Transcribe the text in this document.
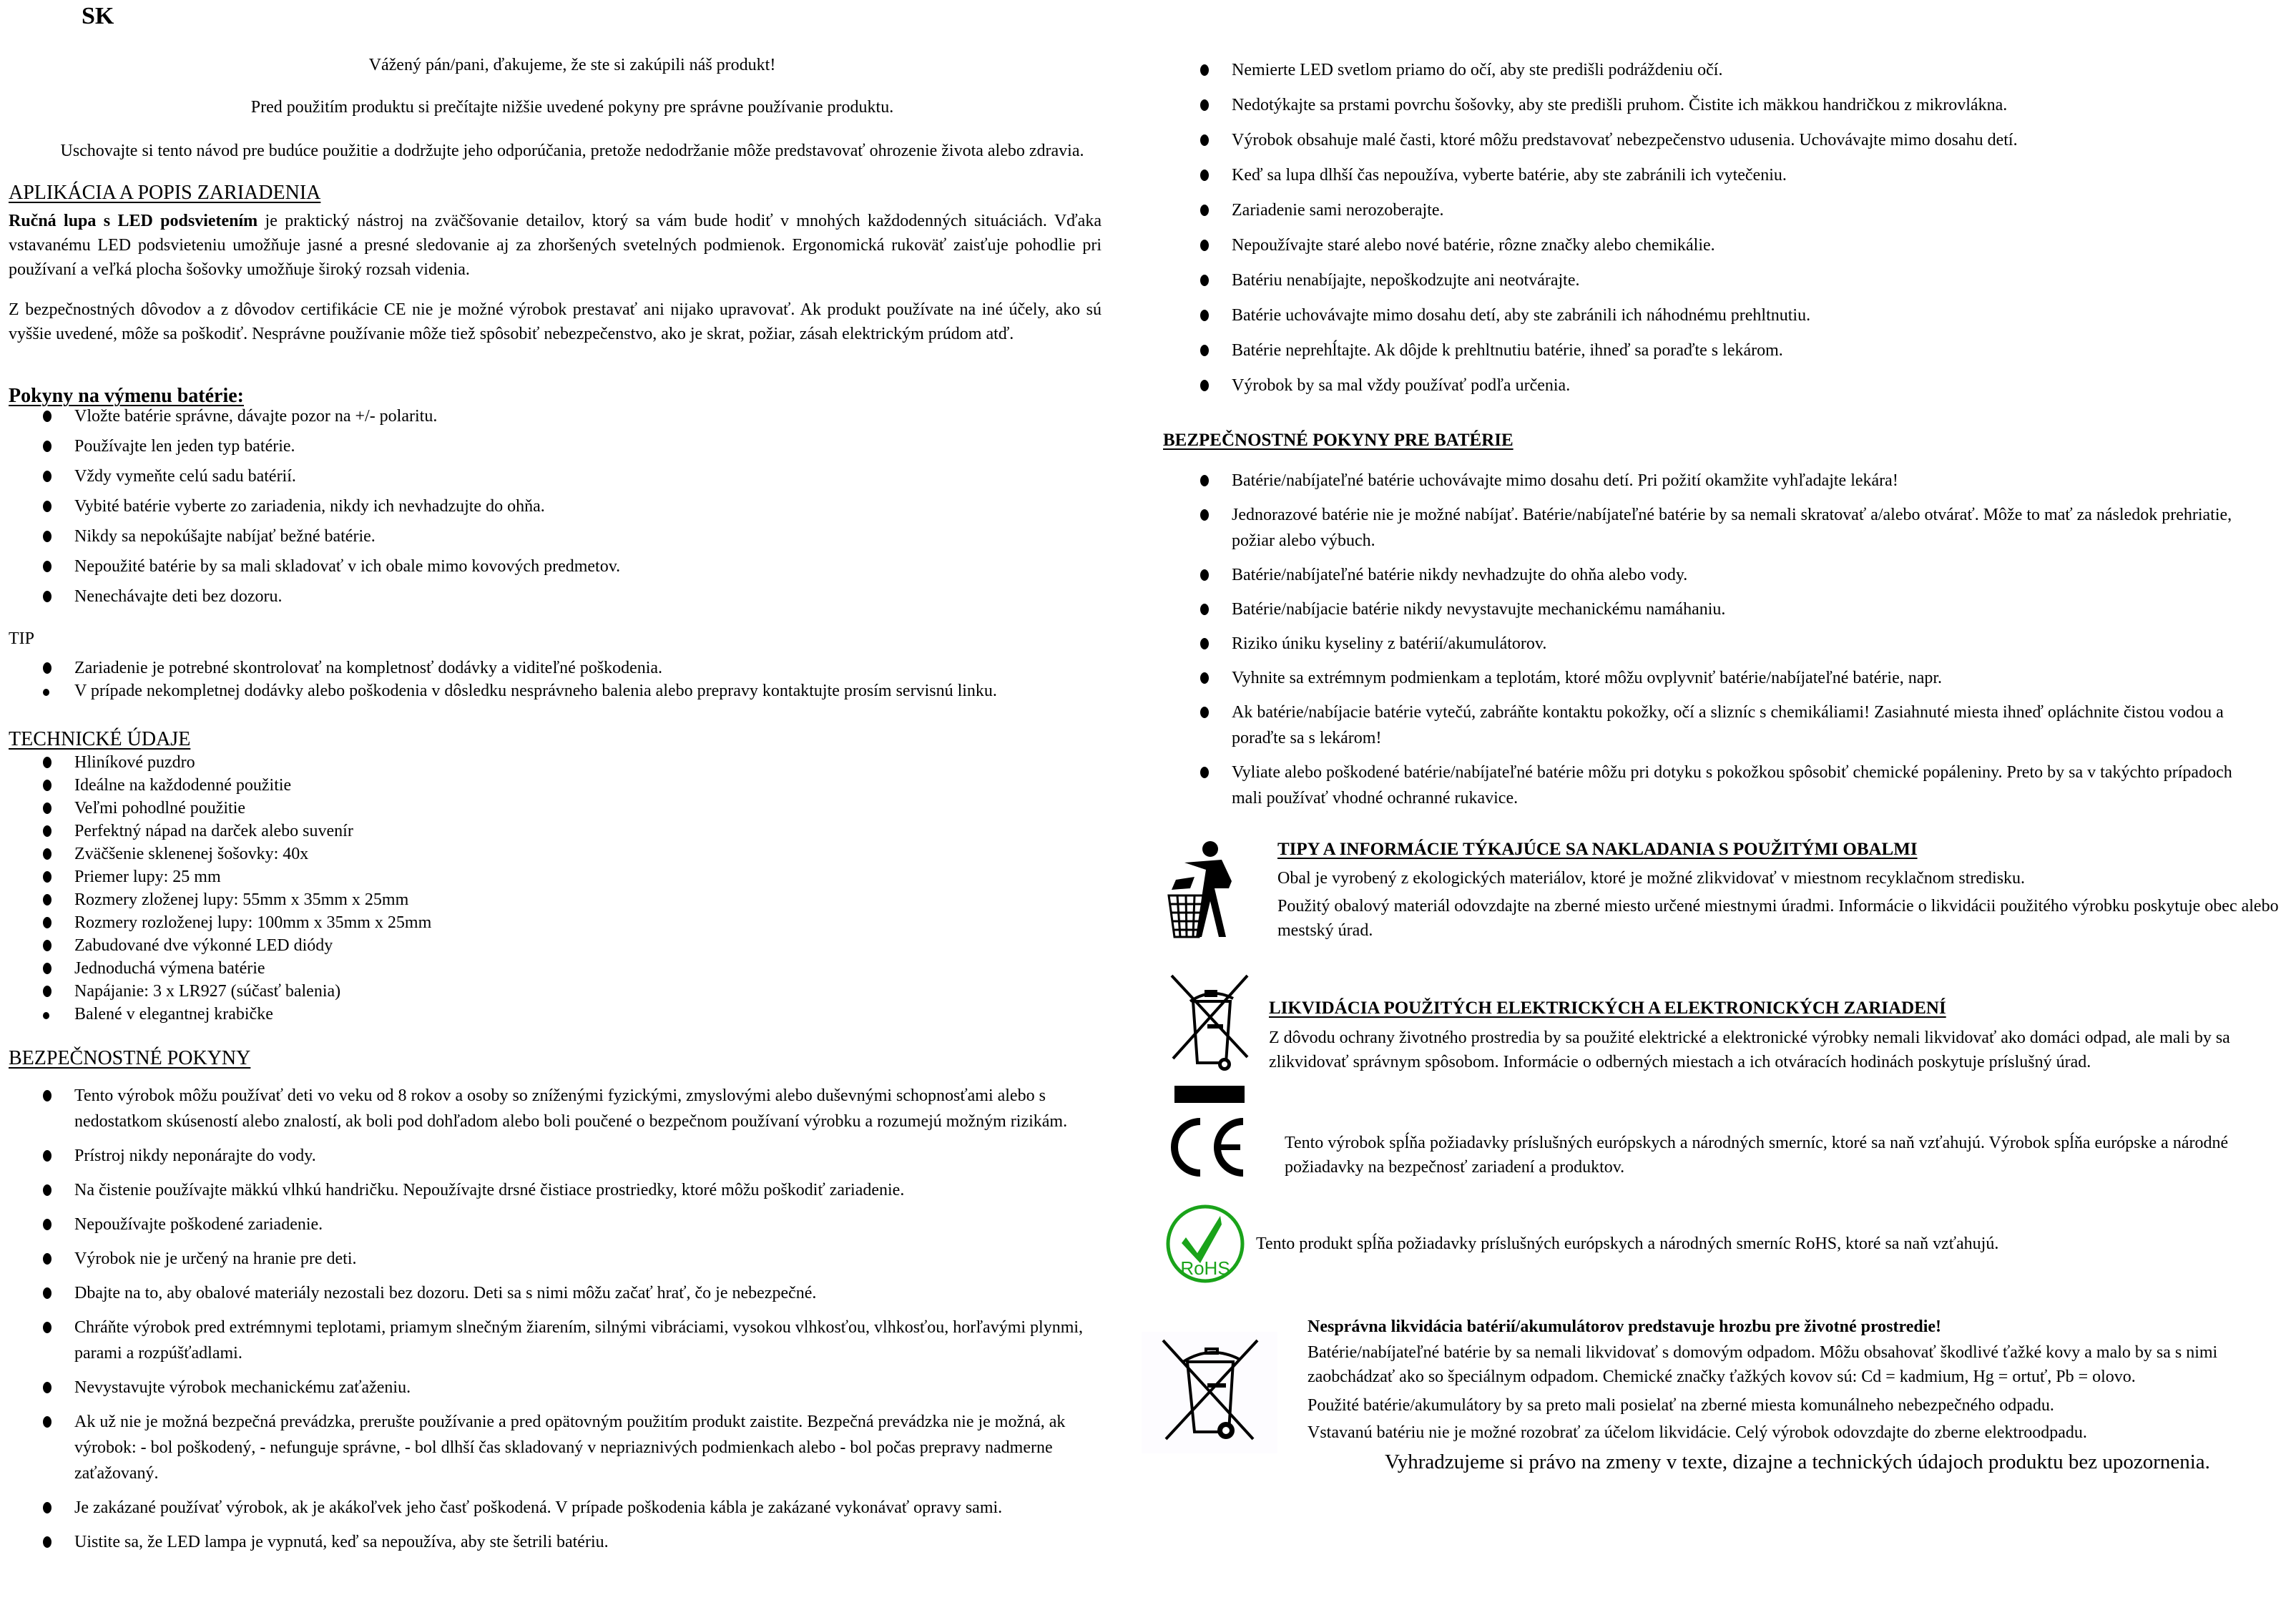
SK
Vážený pán/pani, ďakujeme, že ste si zakúpili náš produkt!
Pred použitím produktu si prečítajte nižšie uvedené pokyny pre správne používanie produktu.
Uschovajte si tento návod pre budúce použitie a dodržujte jeho odporúčania, pretože nedodržanie môže predstavovať ohrozenie života alebo zdravia.
APLIKÁCIA A POPIS ZARIADENIA
Ručná lupa s LED podsvietením je praktický nástroj na zväčšovanie detailov, ktorý sa vám bude hodiť v mnohých každodenných situáciách. Vďaka vstavanému LED podsvieteniu umožňuje jasné a presné sledovanie aj za zhoršených svetelných podmienok. Ergonomická rukoväť zaisťuje pohodlie pri používaní a veľká plocha šošovky umožňuje široký rozsah videnia.
Z bezpečnostných dôvodov a z dôvodov certifikácie CE nie je možné výrobok prestavať ani nijako upravovať. Ak produkt používate na iné účely, ako sú vyššie uvedené, môže sa poškodiť. Nesprávne používanie môže tiež spôsobiť nebezpečenstvo, ako je skrat, požiar, zásah elektrickým prúdom atď.
Pokyny na výmenu batérie:
Vložte batérie správne, dávajte pozor na +/- polaritu.
Používajte len jeden typ batérie.
Vždy vymeňte celú sadu batérií.
Vybité batérie vyberte zo zariadenia, nikdy ich nevhadzujte do ohňa.
Nikdy sa nepokúšajte nabíjať bežné batérie.
Nepoužité batérie by sa mali skladovať v ich obale mimo kovových predmetov.
Nenechávajte deti bez dozoru.
TIP
Zariadenie je potrebné skontrolovať na kompletnosť dodávky a viditeľné poškodenia.
V prípade nekompletnej dodávky alebo poškodenia v dôsledku nesprávneho balenia alebo prepravy kontaktujte prosím servisnú linku.
TECHNICKÉ ÚDAJE
Hliníkové puzdro
Ideálne na každodenné použitie
Veľmi pohodlné použitie
Perfektný nápad na darček alebo suvenír
Zväčšenie sklenenej šošovky: 40x
Priemer lupy: 25 mm
Rozmery zloženej lupy: 55mm x 35mm x 25mm
Rozmery rozloženej lupy: 100mm x 35mm x 25mm
Zabudované dve výkonné LED diódy
Jednoduchá výmena batérie
Napájanie: 3 x LR927 (súčasť balenia)
Balené v elegantnej krabičke
BEZPEČNOSTNÉ POKYNY
Tento výrobok môžu používať deti vo veku od 8 rokov a osoby so zníženými fyzickými, zmyslovými alebo duševnými schopnosťami alebo s nedostatkom skúseností alebo znalostí, ak boli pod dohľadom alebo boli poučené o bezpečnom používaní výrobku a rozumejú možným rizikám.
Prístroj nikdy neponárajte do vody.
Na čistenie používajte mäkkú vlhkú handričku. Nepoužívajte drsné čistiace prostriedky, ktoré môžu poškodiť zariadenie.
Nepoužívajte poškodené zariadenie.
Výrobok nie je určený na hranie pre deti.
Dbajte na to, aby obalové materiály nezostali bez dozoru. Deti sa s nimi môžu začať hrať, čo je nebezpečné.
Chráňte výrobok pred extrémnymi teplotami, priamym slnečným žiarením, silnými vibráciami, vysokou vlhkosťou, vlhkosťou, horľavými plynmi, parami a rozpúšťadlami.
Nevystavujte výrobok mechanickému zaťaženiu.
Ak už nie je možná bezpečná prevádzka, prerušte používanie a pred opätovným použitím produkt zaistite. Bezpečná prevádzka nie je možná, ak výrobok: - bol poškodený, - nefunguje správne, - bol dlhší čas skladovaný v nepriaznivých podmienkach alebo - bol počas prepravy nadmerne zaťažovaný.
Je zakázané používať výrobok, ak je akákoľvek jeho časť poškodená. V prípade poškodenia kábla je zakázané vykonávať opravy sami.
Uistite sa, že LED lampa je vypnutá, keď sa nepoužíva, aby ste šetrili batériu.
Nemierte LED svetlom priamo do očí, aby ste predišli podráždeniu očí.
Nedotýkajte sa prstami povrchu šošovky, aby ste predišli pruhom. Čistite ich mäkkou handričkou z mikrovlákna.
Výrobok obsahuje malé časti, ktoré môžu predstavovať nebezpečenstvo udusenia. Uchovávajte mimo dosahu detí.
Keď sa lupa dlhší čas nepoužíva, vyberte batérie, aby ste zabránili ich vytečeniu.
Zariadenie sami nerozoberajte.
Nepoužívajte staré alebo nové batérie, rôzne značky alebo chemikálie.
Batériu nenabíjajte, nepoškodzujte ani neotvárajte.
Batérie uchovávajte mimo dosahu detí, aby ste zabránili ich náhodnému prehltnutiu.
Batérie neprehĺtajte. Ak dôjde k prehltnutiu batérie, ihneď sa poraďte s lekárom.
Výrobok by sa mal vždy používať podľa určenia.
BEZPEČNOSTNÉ POKYNY PRE BATÉRIE
Batérie/nabíjateľné batérie uchovávajte mimo dosahu detí. Pri požití okamžite vyhľadajte lekára!
Jednorazové batérie nie je možné nabíjať. Batérie/nabíjateľné batérie by sa nemali skratovať a/alebo otvárať. Môže to mať za následok prehriatie, požiar alebo výbuch.
Batérie/nabíjateľné batérie nikdy nevhadzujte do ohňa alebo vody.
Batérie/nabíjacie batérie nikdy nevystavujte mechanickému namáhaniu.
Riziko úniku kyseliny z batérií/akumulátorov.
Vyhnite sa extrémnym podmienkam a teplotám, ktoré môžu ovplyvniť batérie/nabíjateľné batérie, napr.
Ak batérie/nabíjacie batérie vytečú, zabráňte kontaktu pokožky, očí a slizníc s chemikáliami! Zasiahnuté miesta ihneď opláchnite čistou vodou a poraďte sa s lekárom!
Vyliate alebo poškodené batérie/nabíjateľné batérie môžu pri dotyku s pokožkou spôsobiť chemické popáleniny. Preto by sa v takýchto prípadoch mali používať vhodné ochranné rukavice.
TIPY A INFORMÁCIE TÝKAJÚCE SA NAKLADANIA S POUŽITÝMI OBALMI
Obal je vyrobený z ekologických materiálov, ktoré je možné zlikvidovať v miestnom recyklačnom stredisku.
Použitý obalový materiál odovzdajte na zberné miesto určené miestnymi úradmi. Informácie o likvidácii použitého výrobku poskytuje obec alebo mestský úrad.
LIKVIDÁCIA POUŽITÝCH ELEKTRICKÝCH A ELEKTRONICKÝCH ZARIADENÍ
Z dôvodu ochrany životného prostredia by sa použité elektrické a elektronické výrobky nemali likvidovať ako domáci odpad, ale mali by sa zlikvidovať správnym spôsobom. Informácie o odberných miestach a ich otváracích hodinách poskytuje príslušný úrad.
Tento výrobok spĺňa požiadavky príslušných európskych a národných smerníc, ktoré sa naň vzťahujú. Výrobok spĺňa európske a národné požiadavky na bezpečnosť zariadení a produktov.
RoHS
Tento produkt spĺňa požiadavky príslušných európskych a národných smerníc RoHS, ktoré sa naň vzťahujú.
Nesprávna likvidácia batérií/akumulátorov predstavuje hrozbu pre životné prostredie!
Batérie/nabíjateľné batérie by sa nemali likvidovať s domovým odpadom. Môžu obsahovať škodlivé ťažké kovy a malo by sa s nimi zaobchádzať ako so špeciálnym odpadom. Chemické značky ťažkých kovov sú: Cd = kadmium, Hg = ortuť, Pb = olovo.
Použité batérie/akumulátory by sa preto mali posielať na zberné miesta komunálneho nebezpečného odpadu.
Vstavanú batériu nie je možné rozobrať za účelom likvidácie. Celý výrobok odovzdajte do zberne elektroodpadu.
Vyhradzujeme si právo na zmeny v texte, dizajne a technických údajoch produktu bez upozornenia.
